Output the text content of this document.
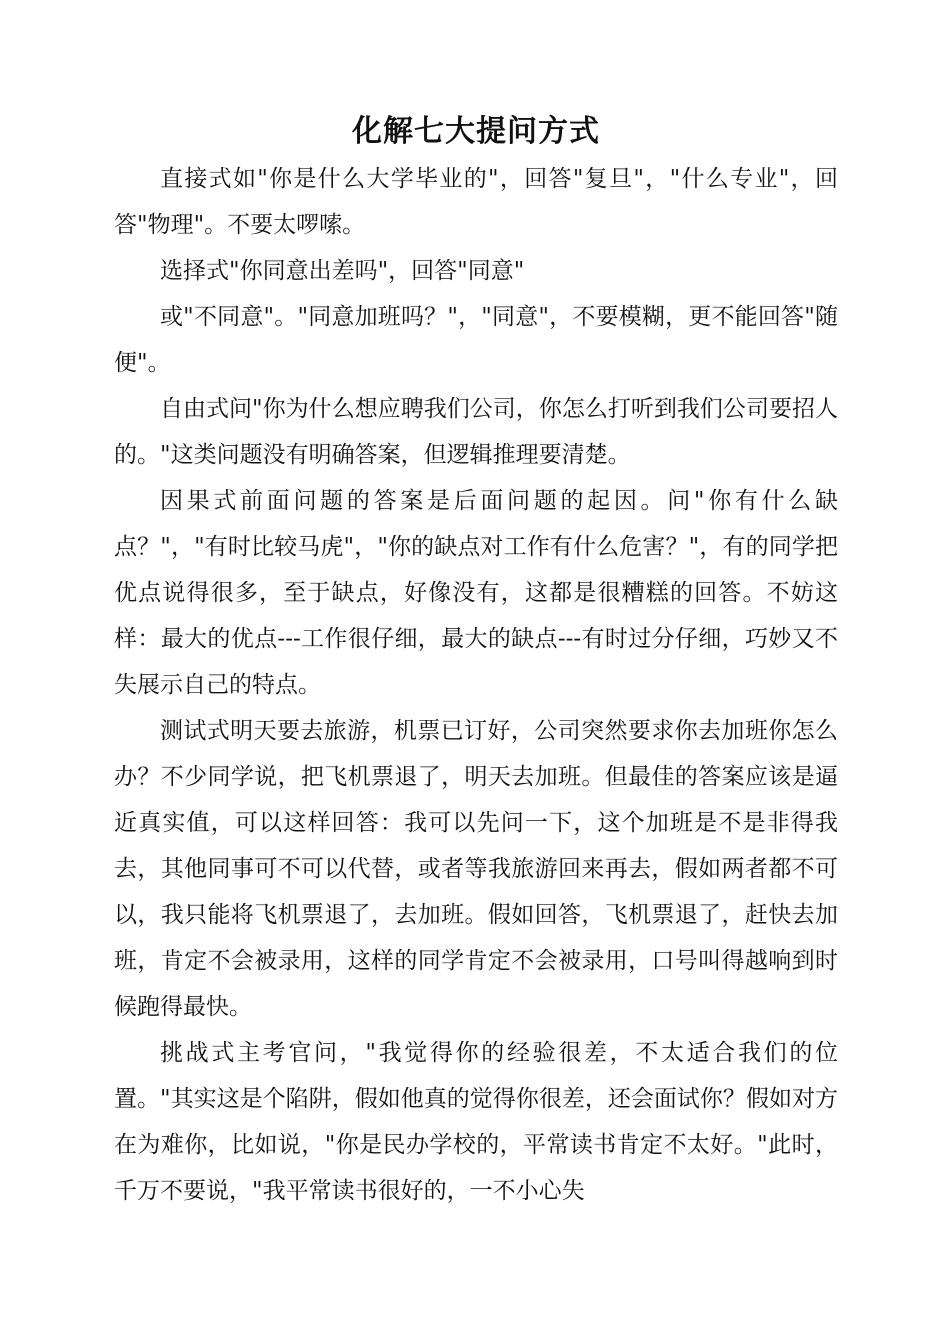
化解七大提问方式

直接式如"你是什么大学毕业的"，回答"复旦"，"什么专业"，回答"物理"。不要太啰嗦。

选择式"你同意出差吗"，回答"同意"

或"不同意"。"同意加班吗？"，"同意"，不要模糊，更不能回答"随便"。

自由式问"你为什么想应聘我们公司，你怎么打听到我们公司要招人的。"这类问题没有明确答案，但逻辑推理要清楚。

因果式前面问题的答案是后面问题的起因。问"你有什么缺点？"，"有时比较马虎"，"你的缺点对工作有什么危害？"，有的同学把优点说得很多，至于缺点，好像没有，这都是很糟糕的回答。不妨这样：最大的优点---工作很仔细，最大的缺点---有时过分仔细，巧妙又不失展示自己的特点。

测试式明天要去旅游，机票已订好，公司突然要求你去加班你怎么办？不少同学说，把飞机票退了，明天去加班。但最佳的答案应该是逼近真实值，可以这样回答：我可以先问一下，这个加班是不是非得我去，其他同事可不可以代替，或者等我旅游回来再去，假如两者都不可以，我只能将飞机票退了，去加班。假如回答，飞机票退了，赶快去加班，肯定不会被录用，这样的同学肯定不会被录用，口号叫得越响到时候跑得最快。

挑战式主考官问，"我觉得你的经验很差，不太适合我们的位置。"其实这是个陷阱，假如他真的觉得你很差，还会面试你？假如对方在为难你，比如说，"你是民办学校的，平常读书肯定不太好。"此时，千万不要说，"我平常读书很好的，一不小心失
